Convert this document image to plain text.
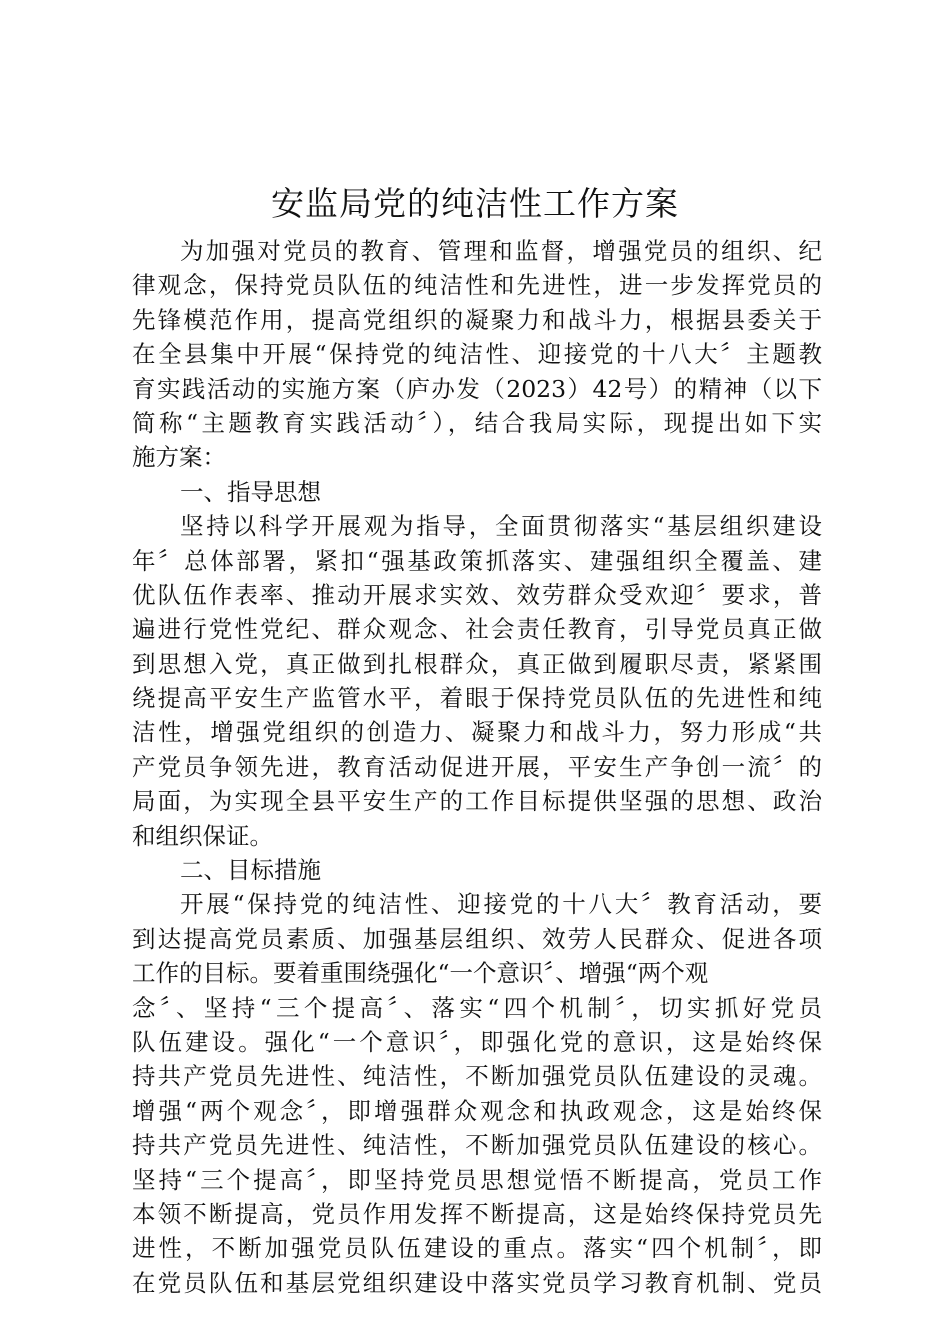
安监局党的纯洁性工作方案
为加强对党员的教育、管理和监督，增强党员的组织、纪
律观念，保持党员队伍的纯洁性和先进性，进一步发挥党员的
先锋模范作用，提高党组织的凝聚力和战斗力，根据县委关于
在全县集中开展“保持党的纯洁性、迎接党的十八大〞主题教
育实践活动的实施方案（庐办发（2023）42号）的精神（以下
简称“主题教育实践活动〞），结合我局实际，现提出如下实
施方案：
一、指导思想
坚持以科学开展观为指导，全面贯彻落实“基层组织建设
年〞总体部署，紧扣“强基政策抓落实、建强组织全覆盖、建
优队伍作表率、推动开展求实效、效劳群众受欢迎〞要求，普
遍进行党性党纪、群众观念、社会责任教育，引导党员真正做
到思想入党，真正做到扎根群众，真正做到履职尽责，紧紧围
绕提高平安生产监管水平，着眼于保持党员队伍的先进性和纯
洁性，增强党组织的创造力、凝聚力和战斗力，努力形成“共
产党员争领先进，教育活动促进开展，平安生产争创一流〞的
局面，为实现全县平安生产的工作目标提供坚强的思想、政治
和组织保证。
二、目标措施
开展“保持党的纯洁性、迎接党的十八大〞教育活动，要
到达提高党员素质、加强基层组织、效劳人民群众、促进各项
工作的目标。要着重围绕强化“一个意识〞、增强“两个观
念〞、坚持“三个提高〞、落实“四个机制〞，切实抓好党员
队伍建设。强化“一个意识〞，即强化党的意识，这是始终保
持共产党员先进性、纯洁性，不断加强党员队伍建设的灵魂。
增强“两个观念〞，即增强群众观念和执政观念，这是始终保
持共产党员先进性、纯洁性，不断加强党员队伍建设的核心。
坚持“三个提高〞，即坚持党员思想觉悟不断提高，党员工作
本领不断提高，党员作用发挥不断提高，这是始终保持党员先
进性，不断加强党员队伍建设的重点。落实“四个机制〞，即
在党员队伍和基层党组织建设中落实党员学习教育机制、党员
